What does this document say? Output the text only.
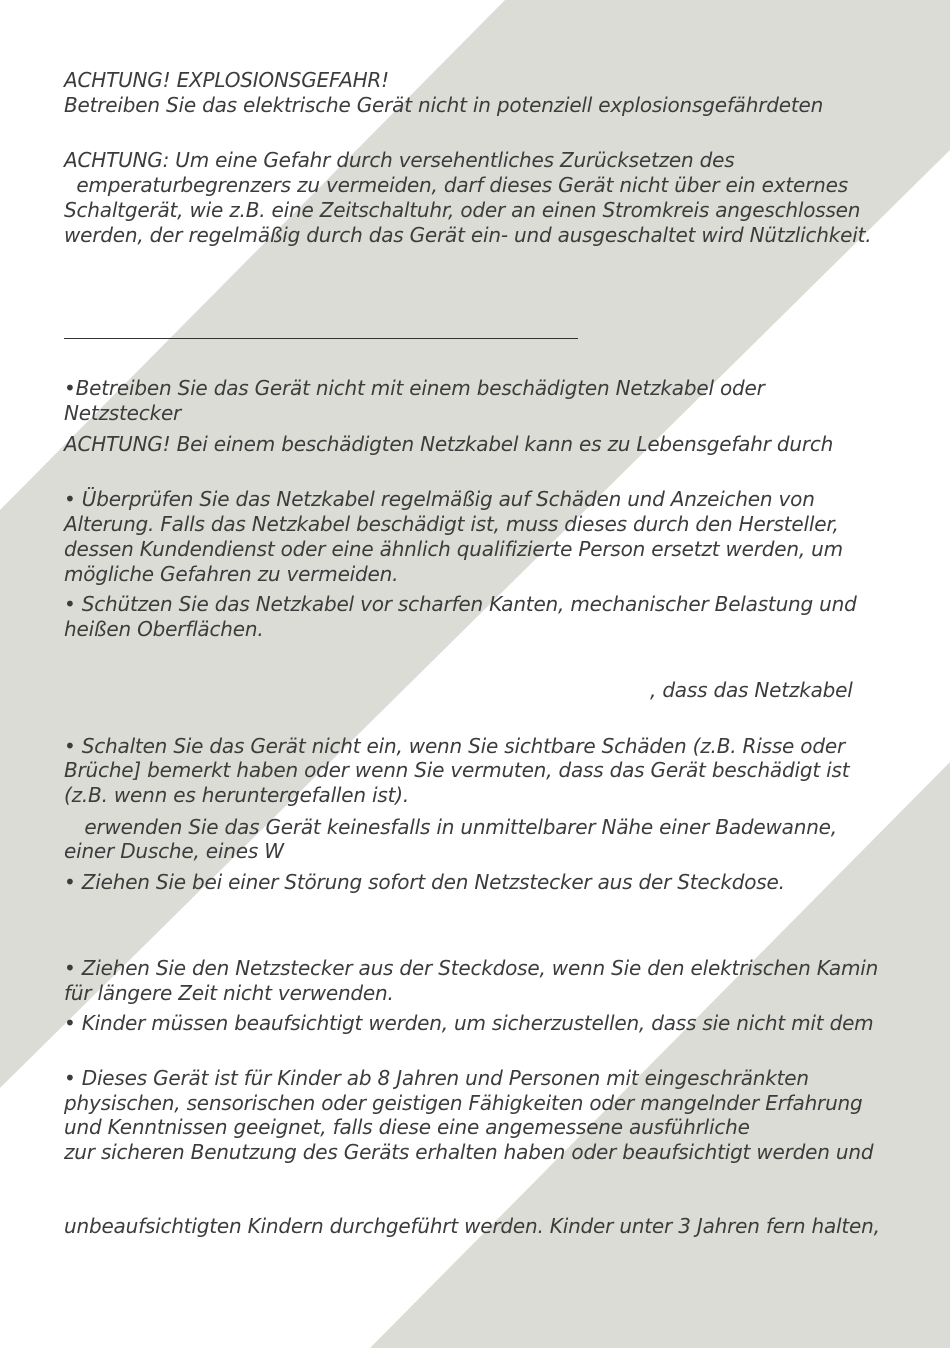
ACHTUNG! EXPLOSIONSGEFAHR!
Betreiben Sie das elektrische Gerät nicht in potenziell explosionsgefährdeten
ACHTUNG: Um eine Gefahr durch versehentliches Zurücksetzen des
emperaturbegrenzers zu vermeiden, darf dieses Gerät nicht über ein externes
Schaltgerät, wie z.B. eine Zeitschaltuhr, oder an einen Stromkreis angeschlossen
werden, der regelmäßig durch das Gerät ein- und ausgeschaltet wird Nützlichkeit.
•Betreiben Sie das Gerät nicht mit einem beschädigten Netzkabel oder
Netzstecker
ACHTUNG! Bei einem beschädigten Netzkabel kann es zu Lebensgefahr durch
• Überprüfen Sie das Netzkabel regelmäßig auf Schäden und Anzeichen von
Alterung. Falls das Netzkabel beschädigt ist, muss dieses durch den Hersteller,
dessen Kundendienst oder eine ähnlich qualifizierte Person ersetzt werden, um
mögliche Gefahren zu vermeiden.
• Schützen Sie das Netzkabel vor scharfen Kanten, mechanischer Belastung und
heißen Oberflächen.
, dass das Netzkabel
• Schalten Sie das Gerät nicht ein, wenn Sie sichtbare Schäden (z.B. Risse oder
Brüche] bemerkt haben oder wenn Sie vermuten, dass das Gerät beschädigt ist
(z.B. wenn es heruntergefallen ist).
erwenden Sie das Gerät keinesfalls in unmittelbarer Nähe einer Badewanne,
einer Dusche, eines W
• Ziehen Sie bei einer Störung sofort den Netzstecker aus der Steckdose.
• Ziehen Sie den Netzstecker aus der Steckdose, wenn Sie den elektrischen Kamin
für längere Zeit nicht verwenden.
• Kinder müssen beaufsichtigt werden, um sicherzustellen, dass sie nicht mit dem
• Dieses Gerät ist für Kinder ab 8 Jahren und Personen mit eingeschränkten
physischen, sensorischen oder geistigen Fähigkeiten oder mangelnder Erfahrung
und Kenntnissen geeignet, falls diese eine angemessene ausführliche
zur sicheren Benutzung des Geräts erhalten haben oder beaufsichtigt werden und
unbeaufsichtigten Kindern durchgeführt werden. Kinder unter 3 Jahren fern halten,
